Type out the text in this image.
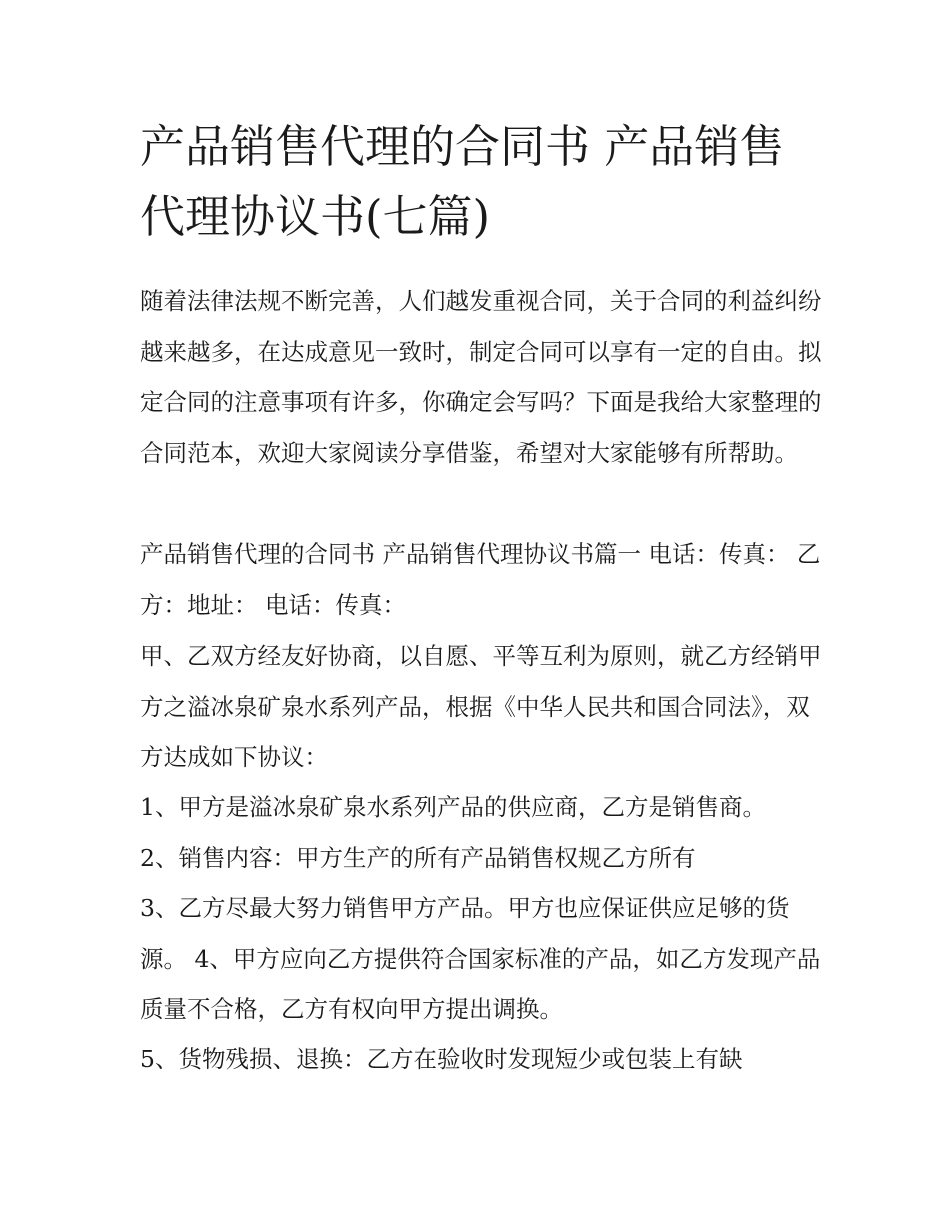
产品销售代理的合同书 产品销售代理协议书(七篇)

随着法律法规不断完善，人们越发重视合同，关于合同的利益纠纷越来越多，在达成意见一致时，制定合同可以享有一定的自由。拟定合同的注意事项有许多，你确定会写吗？下面是我给大家整理的合同范本，欢迎大家阅读分享借鉴，希望对大家能够有所帮助。

产品销售代理的合同书 产品销售代理协议书篇一 电话：传真： 乙方：地址： 电话：传真：

甲、乙双方经友好协商，以自愿、平等互利为原则，就乙方经销甲方之溢冰泉矿泉水系列产品，根据《中华人民共和国合同法》，双方达成如下协议：

1、甲方是溢冰泉矿泉水系列产品的供应商，乙方是销售商。

2、销售内容：甲方生产的所有产品销售权规乙方所有

3、乙方尽最大努力销售甲方产品。甲方也应保证供应足够的货源。 4、甲方应向乙方提供符合国家标准的产品，如乙方发现产品质量不合格，乙方有权向甲方提出调换。

5、货物残损、退换：乙方在验收时发现短少或包装上有缺
